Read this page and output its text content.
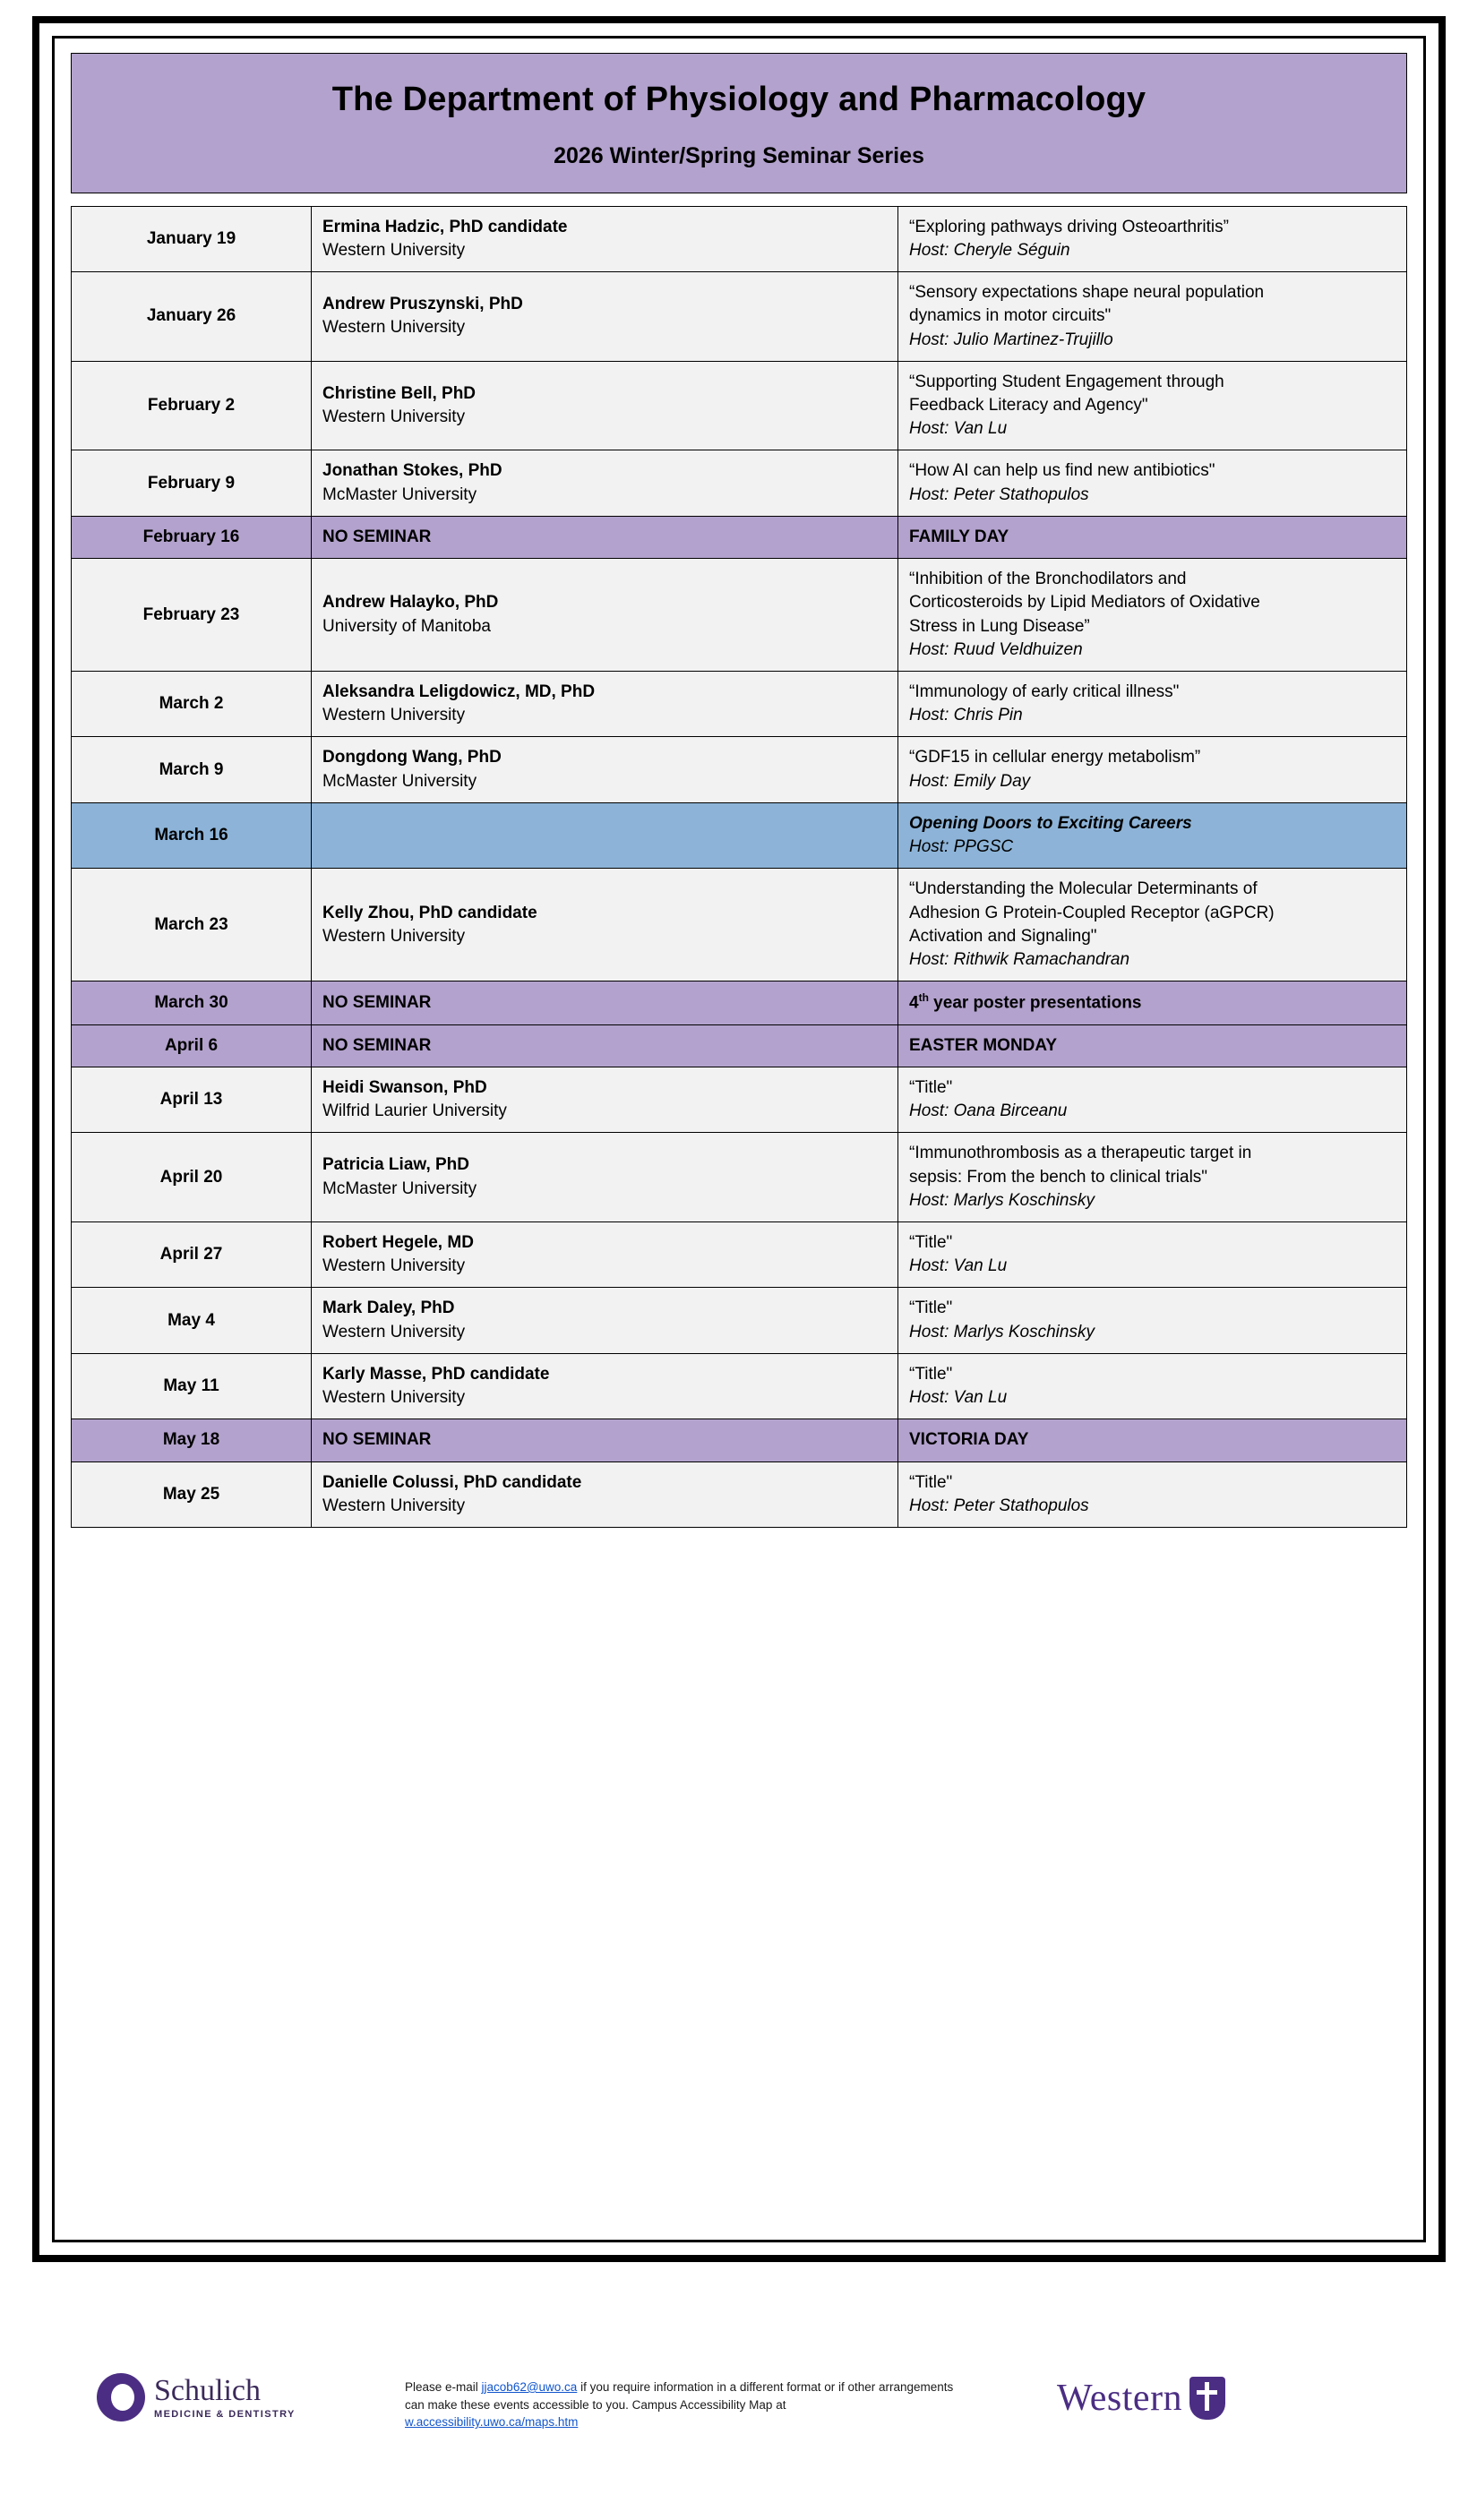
The Department of Physiology and Pharmacology
2026 Winter/Spring Seminar Series
January 19	
Ermina Hadzic, PhD candidate
Western University

“Exploring pathways driving Osteoarthritis”
Host: Cheryle Séguin

January 26	
Andrew Pruszynski, PhD
Western University

“Sensory expectations shape neural population
dynamics in motor circuits"
Host: Julio Martinez-Trujillo

February 2	
Christine Bell, PhD
Western University

“Supporting Student Engagement through
Feedback Literacy and Agency"
Host: Van Lu

February 9	
Jonathan Stokes, PhD
McMaster University

“How AI can help us find new antibiotics"
Host: Peter Stathopulos

February 16	NO SEMINAR	FAMILY DAY

February 23	
Andrew Halayko, PhD
University of Manitoba

“Inhibition of the Bronchodilators and
Corticosteroids by Lipid Mediators of Oxidative
Stress in Lung Disease”
Host: Ruud Veldhuizen

March 2	
Aleksandra Leligdowicz, MD, PhD
Western University

“Immunology of early critical illness"
Host: Chris Pin

March 9	
Dongdong Wang, PhD
McMaster University

“GDF15 in cellular energy metabolism”
Host: Emily Day

March 16		Opening Doors to Exciting Careers
Host: PPGSC

March 23	
Kelly Zhou, PhD candidate
Western University

“Understanding the Molecular Determinants of
Adhesion G Protein-Coupled Receptor (aGPCR)
Activation and Signaling"
Host: Rithwik Ramachandran

March 30	NO SEMINAR	4th year poster presentations

April 6	NO SEMINAR	EASTER MONDAY

April 13	
Heidi Swanson, PhD
Wilfrid Laurier University

“Title"
Host: Oana Birceanu

April 20	
Patricia Liaw, PhD
McMaster University

“Immunothrombosis as a therapeutic target in
sepsis: From the bench to clinical trials"
Host: Marlys Koschinsky

April 27	
Robert Hegele, MD
Western University

“Title"
Host: Van Lu

May 4	
Mark Daley, PhD
Western University

“Title"
Host: Marlys Koschinsky

May 11	
Karly Masse, PhD candidate
Western University

“Title"
Host: Van Lu

May 18	NO SEMINAR	VICTORIA DAY

May 25	
Danielle Colussi, PhD candidate
Western University

“Title"
Host: Peter Stathopulos
Schulich
MEDICINE & DENTISTRY
Please e-mail jjacob62@uwo.ca if you require information in a different format or if other arrangements can make these events accessible to you. Campus Accessibility Map at w.accessibility.uwo.ca/maps.htm
Western
